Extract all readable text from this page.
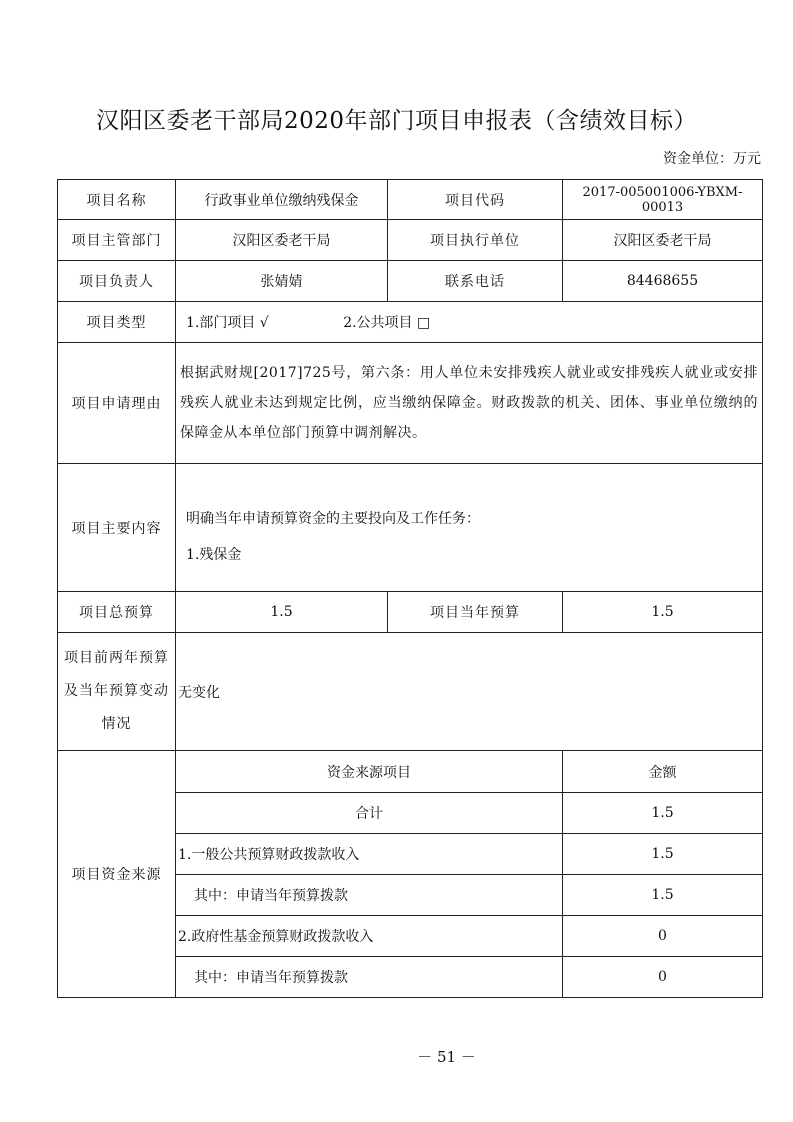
汉阳区委老干部局2020年部门项目申报表（含绩效目标）
资金单位：万元
项目名称	行政事业单位缴纳残保金	项目代码	2017-005001006-YBXM-00013
项目主管部门	汉阳区委老干局	项目执行单位	汉阳区委老干局
项目负责人	张婧婧	联系电话	84468655
项目类型	1.部门项目 √ 2.公共项目 □		
项目申请理由	根据武财规[2017]725号，第六条：用人单位未安排残疾人就业或安排残疾人就业或安排残疾人就业未达到规定比例，应当缴纳保障金。财政拨款的机关、团体、事业单位缴纳的保障金从本单位部门预算中调剂解决。		
项目主要内容	明确当年申请预算资金的主要投向及工作任务：
1.残保金		

项目总预算	1.5	项目当年预算	1.5

项目前两年预算
及当年预算变动
情况	无变化		
项目资金来源	资金来源项目		金额
	合计		1.5
	1.一般公共预算财政拨款收入		1.5
	其中：申请当年预算拨款		1.5
	2.政府性基金预算财政拨款收入		0
	其中：申请当年预算拨款		0
－ 51 －
